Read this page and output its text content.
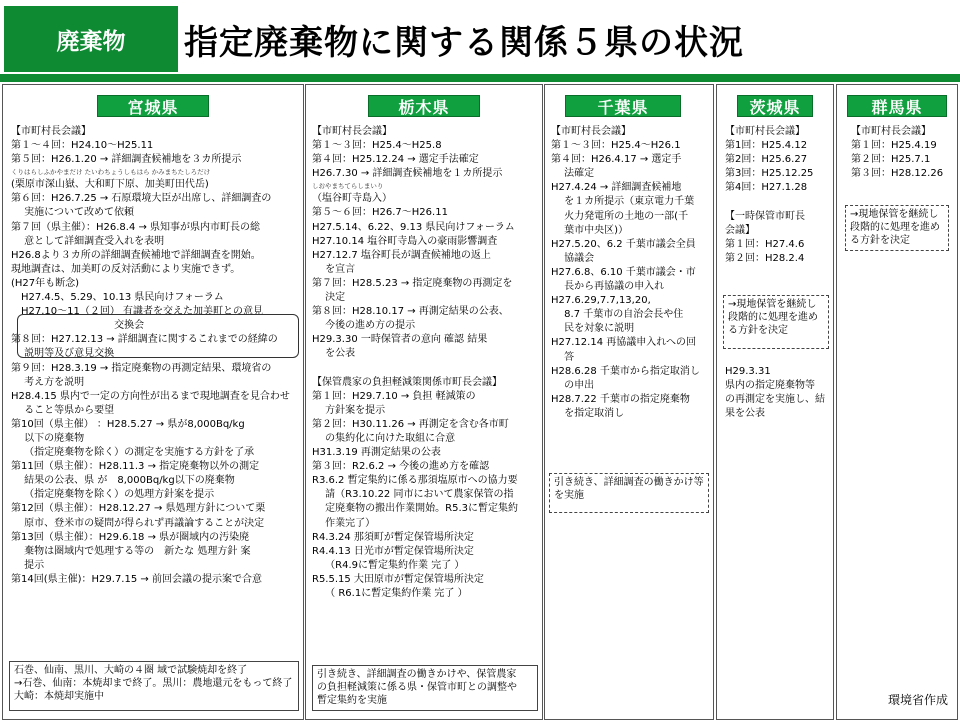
廃棄物	指定廃棄物に関する関係５県の状況
宮城県
【市町村長会議】
第１～４回：H24.10～H25.11
第５回：H26.1.20 → 詳細調査候補地を３カ所提示
くりはらしふかやまだけ たいわちょうしもはら かみまちたしろだけ
(栗原市深山嶽、大和町下原、加美町田代岳)
第６回：H26.7.25 → 石原環境大臣が出席し、詳細調査の
　 実施について改めて依頼
第７回（県主催）：H26.8.4 → 県知事が県内市町長の総
　 意として詳細調査受入れを表明
H26.8より３カ所の詳細調査候補地で詳細調査を開始。
現地調査は、加美町の反対活動により実施できず。
(H27年も断念)
　H27.4.5、5.29、10.13 県民向けフォーラム
　H27.10～11（２回） 有識者を交えた加美町との意見
　　　　　　　　　　 交換会
第８回：H27.12.13 → 詳細調査に関するこれまでの経緯の
　 説明等及び意見交換
第９回：H28.3.19 → 指定廃棄物の再測定結果、環境省の
　 考え方を説明
H28.4.15 県内で一定の方向性が出るまで現地調査を見合わせ
　 ること等県から要望
第10回（県主催） ：H28.5.27 → 県が8,000Bq/kg
　 以下の廃棄物
　 （指定廃棄物を除く）の測定を実施する方針を了承
第11回（県主催）：H28.11.3 → 指定廃棄物以外の測定
　 結果の公表、県 が　8,000Bq/kg以下の廃棄物
　 （指定廃棄物を除く）の処理方針案を提示
第12回（県主催）：H28.12.27 → 県処理方針について栗
　 原市、登米市の疑問が得られず再議論することが決定
第13回（県主催）：H29.6.18 → 県が圏域内の汚染廃
　 棄物は圏域内で処理する等の　新たな 処理方針 案
　 提示
第14回(県主催)：H29.7.15 → 前回会議の提示案で合意
石巻、仙南、黒川、大崎の４圏 域で試験焼却を終了
→石巻、仙南：本焼却まで終了。黒川：農地還元をもって終了
大崎：本焼却実施中
栃木県
【市町村長会議】
第１～３回：H25.4～H25.8
第４回：H25.12.24 → 選定手法確定
H26.7.30 → 詳細調査候補地を１カ所提示
しおやまちてらしまいり
（塩谷町寺島入）
第５～６回：H26.7～H26.11
H27.5.14、6.22、9.13 県民向けフォーラム
H27.10.14 塩谷町寺島入の豪雨影響調査
H27.12.7 塩谷町長が調査候補地の返上
　 を宣言
第７回：H28.5.23 → 指定廃棄物の再測定を
　 決定
第８回：H28.10.17 → 再測定結果の公表、
　 今後の進め方の提示
H29.3.30 一時保管者の意向 確認 結果
　 を公表
【保管農家の負担軽減策関係市町長会議】
第１回：H29.7.10 → 負担 軽減策の
　 方針案を提示
第２回：H30.11.26 → 再測定を含む各市町
　 の集約化に向けた取組に合意
H31.3.19 再測定結果の公表
第３回：R2.6.2 → 今後の進め方を確認
R3.6.2 暫定集約に係る那須塩原市への協力要
　 請（R3.10.22 同市において農家保管の指
　 定廃棄物の搬出作業開始。R5.3に暫定集約
　 作業完了）
R4.3.24 那須町が暫定保管場所決定
R4.4.13 日光市が暫定保管場所決定
　 （R4.9に暫定集約作業 完了 ）
R5.5.15 大田原市が暫定保管場所決定
　 （ R6.1に暫定集約作業 完了 ）
引き続き、詳細調査の働きかけや、保管農家
の負担軽減策に係る県・保管市町との調整や
暫定集約を実施
千葉県
【市町村長会議】
第１～３回：H25.4～H26.1
第４回：H26.4.17 → 選定手
　 法確定
H27.4.24 → 詳細調査候補地
　 を１カ所提示（東京電力千葉
　 火力発電所の土地の一部(千
　 葉市中央区)）
H27.5.20、6.2 千葉市議会全員
　 協議会
H27.6.8、6.10 千葉市議会・市
　 長から再協議の申入れ
H27.6.29,7.7,13,20,
　 8.7 千葉市の自治会長や住
　 民を対象に説明
H27.12.14 再協議申入れへの回
　 答
H28.6.28 千葉市から指定取消し
　 の申出
H28.7.22 千葉市の指定廃棄物
　 を指定取消し
引き続き、詳細調査の働きかけ等
を実施
茨城県
【市町村長会議】
第1回：H25.4.12
第2回：H25.6.27
第3回：H25.12.25
第4回：H27.1.28
【一時保管市町長
会議】
第１回：H27.4.6
第２回：H28.2.4
→現地保管を継続し
段階的に処理を進め
る方針を決定
H29.3.31
県内の指定廃棄物等
の再測定を実施し、結
果を公表
群馬県
【市町村長会議】
第１回：H25.4.19
第２回：H25.7.1
第３回：H28.12.26
→現地保管を継続し
段階的に処理を進め
る方針を決定
環境省作成
